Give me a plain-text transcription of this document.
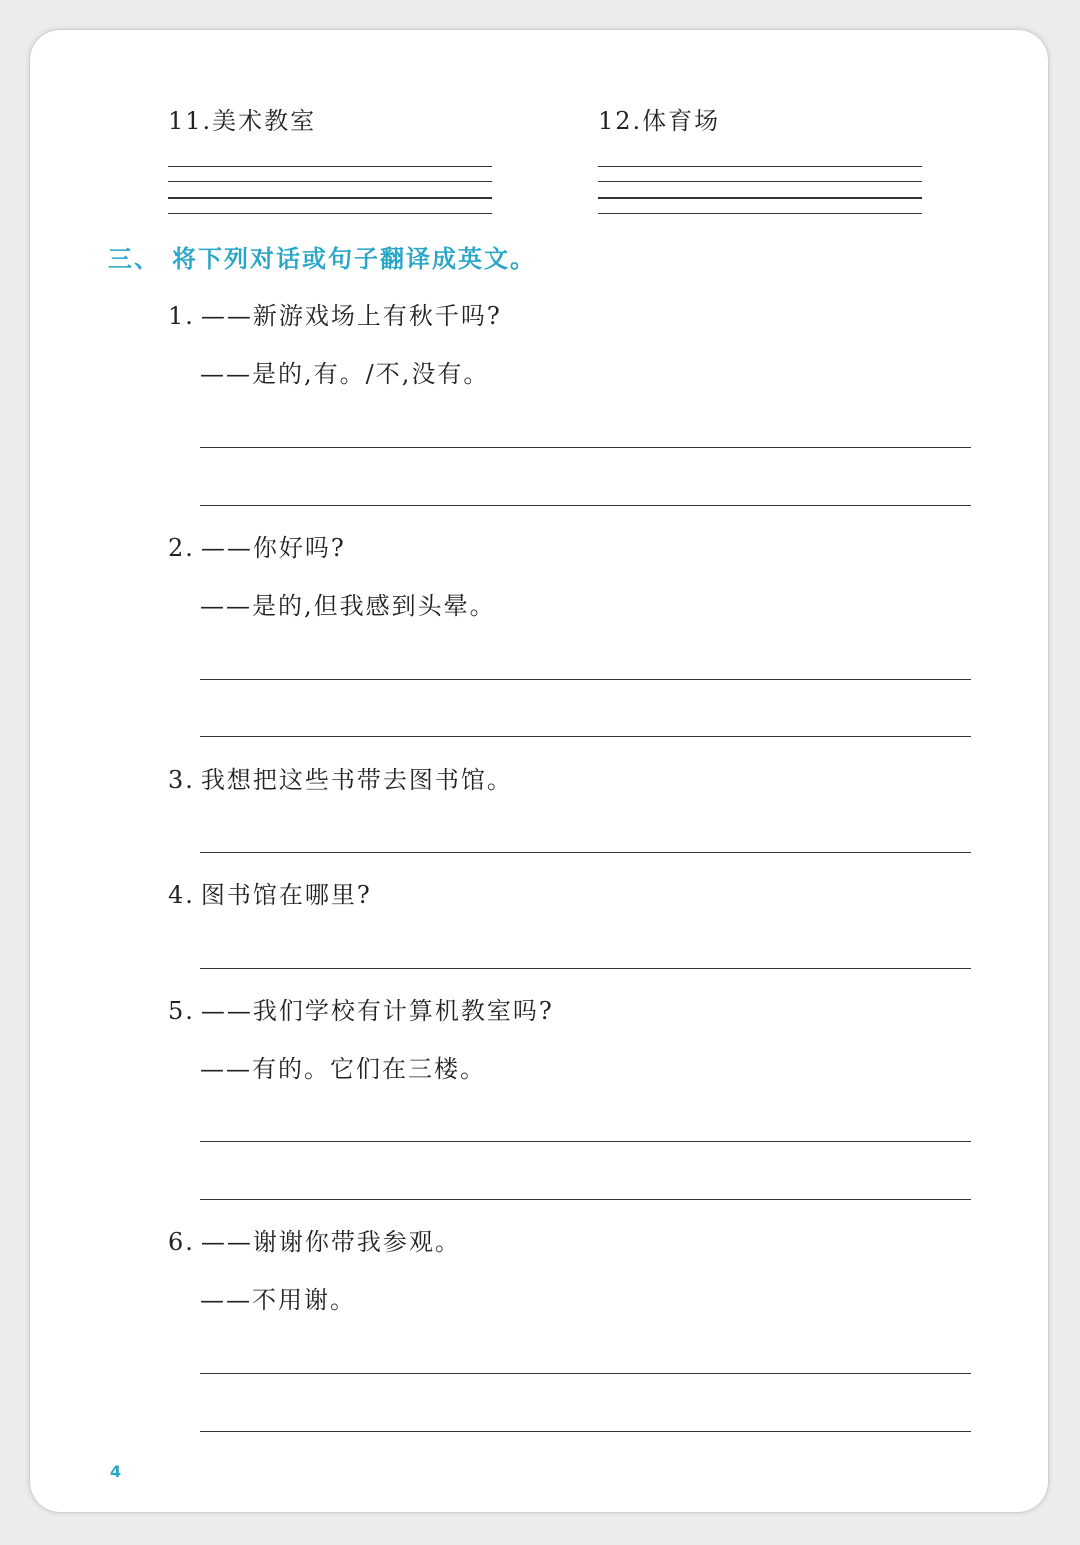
11.美术教室	12.体育场
三、 将下列对话或句子翻译成英文。
1. ——新游戏场上有秋千吗?
——是的,有。/不,没有。
2. ——你好吗?
——是的,但我感到头晕。
3. 我想把这些书带去图书馆。
4. 图书馆在哪里?
5. ——我们学校有计算机教室吗?
——有的。它们在三楼。
6. ——谢谢你带我参观。
——不用谢。
4
